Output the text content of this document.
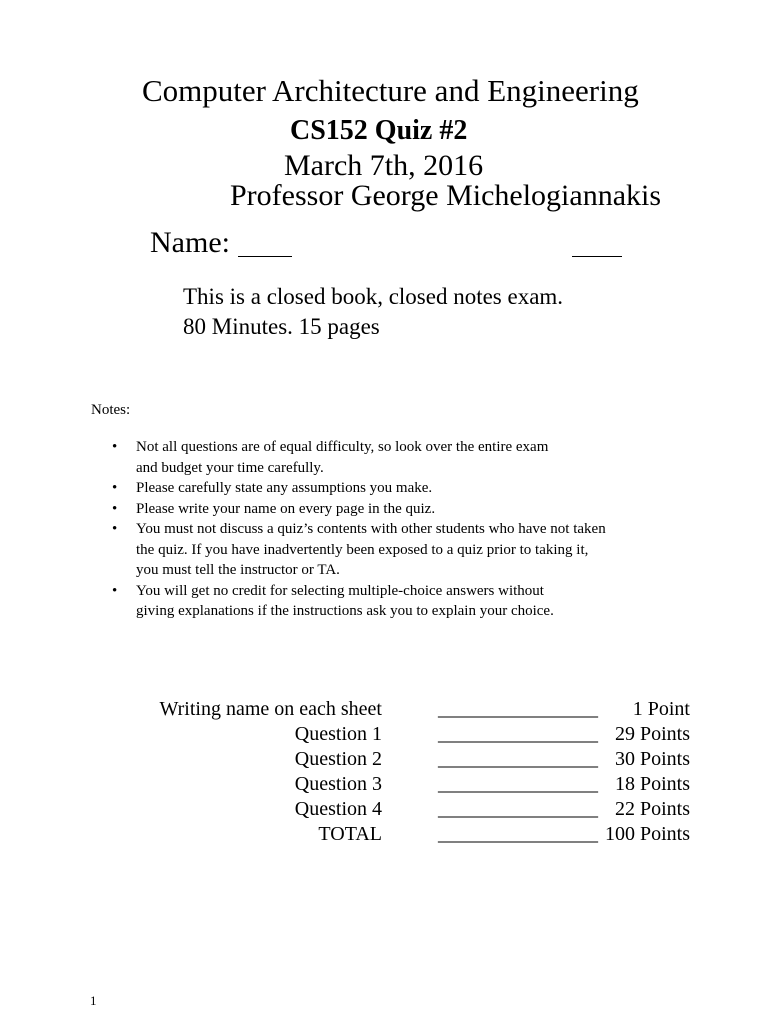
Computer Architecture and Engineering
CS152 Quiz #2
March 7th, 2016
Professor George Michelogiannakis
Name:
This is a closed book, closed notes exam.
80 Minutes. 15 pages
Notes:
• Not all questions are of equal difficulty, so look over the entire exam
and budget your time carefully.
• Please carefully state any assumptions you make.
• Please write your name on every page in the quiz.
• You must not discuss a quiz’s contents with other students who have not taken
the quiz. If you have inadvertently been exposed to a quiz prior to taking it,
you must tell the instructor or TA.
• You will get no credit for selecting multiple-choice answers without
giving explanations if the instructions ask you to explain your choice.
Writing name on each sheet	________________ 1 Point
Question 1	________________ 29 Points
Question 2	________________ 30 Points
Question 3	________________ 18 Points
Question 4	________________ 22 Points
TOTAL	________________ 100 Points
1
